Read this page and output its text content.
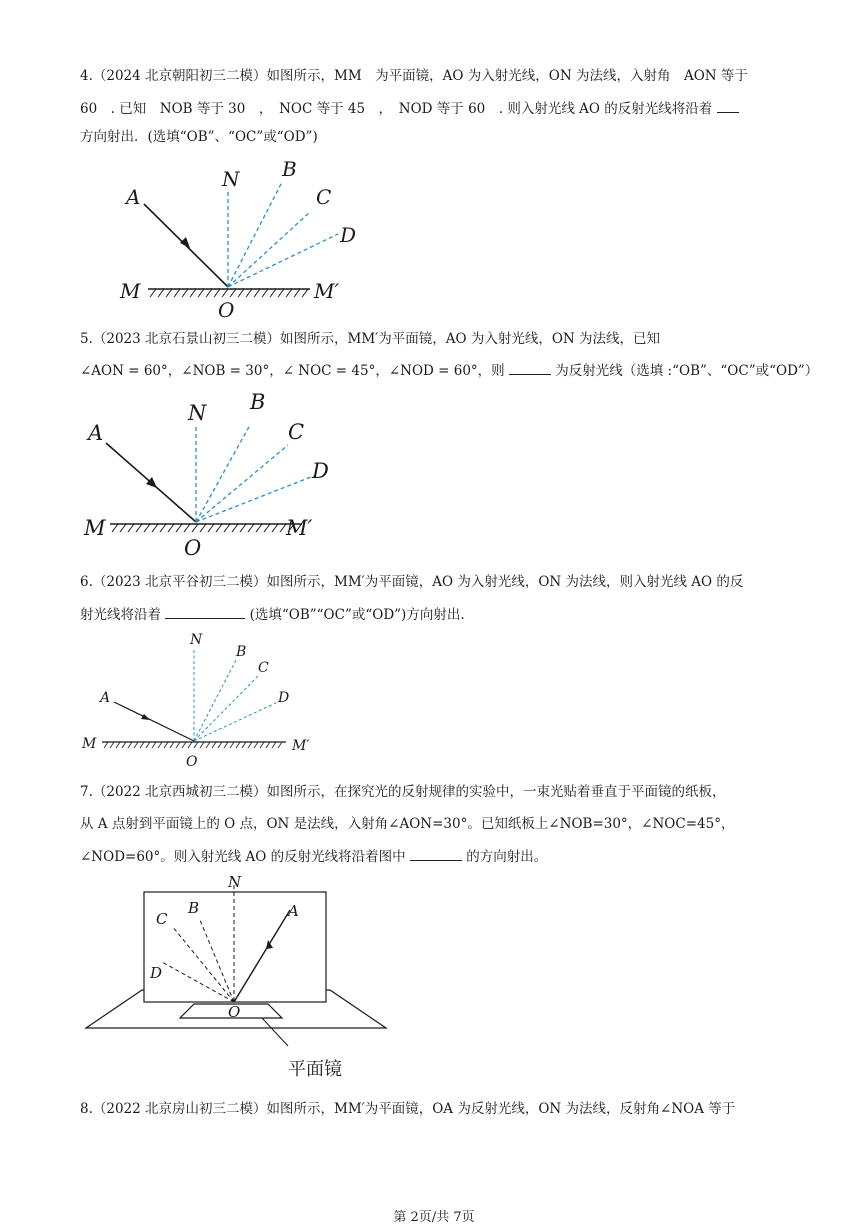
4.（2024 北京朝阳初三二模）如图所示，MM　为平面镜，AO 为入射光线，ON 为法线，入射角　AON 等于
60　. 已知　NOB 等于 30　，　NOC 等于 45　，　NOD 等于 60　. 则入射光线 AO 的反射光线将沿着
方向射出．(选填“OB”、“OC”或“OD”)
A
N B
C
D
M
O
M′
5.（2023 北京石景山初三二模）如图所示，MM′为平面镜，AO 为入射光线，ON 为法线，已知
∠AON = 60°，∠NOB = 30°，∠ NOC = 45°，∠NOD = 60°，则	为反射光线（选填 :“OB”、“OC”或“OD”）
A
N B
C
D
M
O
M′
6.（2023 北京平谷初三二模）如图所示，MM′为平面镜，AO 为入射光线，ON 为法线，则入射光线 AO 的反
射光线将沿着	(选填“OB”“OC”或“OD”)方向射出.
A
N
B
C
D
M
O
M′
7.（2022 北京西城初三二模）如图所示，在探究光的反射规律的实验中，一束光贴着垂直于平面镜的纸板，
从 A 点射到平面镜上的 O 点，ON 是法线，入射角∠AON=30°。已知纸板上∠NOB=30°，∠NOC=45°，
∠NOD=60°。则入射光线 AO 的反射光线将沿着图中	的方向射出。
N
A
B
C
D
O
平面镜
8.（2022 北京房山初三二模）如图所示，MM′为平面镜，OA 为反射光线，ON 为法线，反射角∠NOA 等于
第 2页/共 7页
